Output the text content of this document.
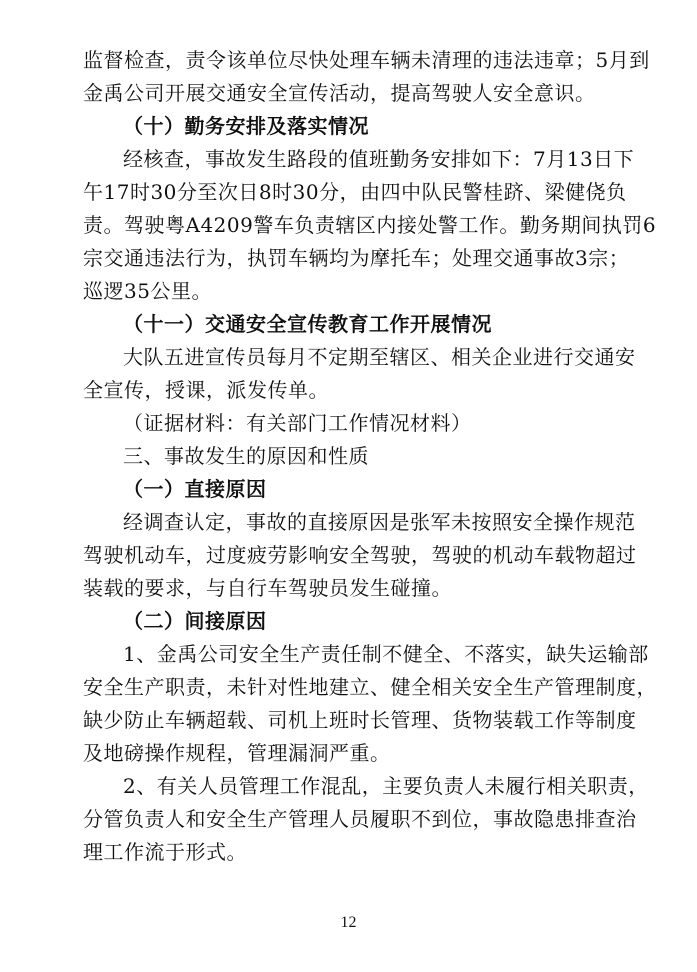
监督检查，责令该单位尽快处理车辆未清理的违法违章；5月到
金禹公司开展交通安全宣传活动，提高驾驶人安全意识。
（十）勤务安排及落实情况
经核查，事故发生路段的值班勤务安排如下：7月13日下
午17时30分至次日8时30分，由四中队民警桂跻、梁健侥负
责。驾驶粤A4209警车负责辖区内接处警工作。勤务期间执罚6
宗交通违法行为，执罚车辆均为摩托车；处理交通事故3宗；
巡逻35公里。
（十一）交通安全宣传教育工作开展情况
大队五进宣传员每月不定期至辖区、相关企业进行交通安
全宣传，授课，派发传单。
（证据材料：有关部门工作情况材料）
三、事故发生的原因和性质
（一）直接原因
经调查认定，事故的直接原因是张军未按照安全操作规范
驾驶机动车，过度疲劳影响安全驾驶，驾驶的机动车载物超过
装载的要求，与自行车驾驶员发生碰撞。
（二）间接原因
1、金禹公司安全生产责任制不健全、不落实，缺失运输部
安全生产职责，未针对性地建立、健全相关安全生产管理制度，
缺少防止车辆超载、司机上班时长管理、货物装载工作等制度
及地磅操作规程，管理漏洞严重。
2、有关人员管理工作混乱，主要负责人未履行相关职责，
分管负责人和安全生产管理人员履职不到位，事故隐患排查治
理工作流于形式。
12
